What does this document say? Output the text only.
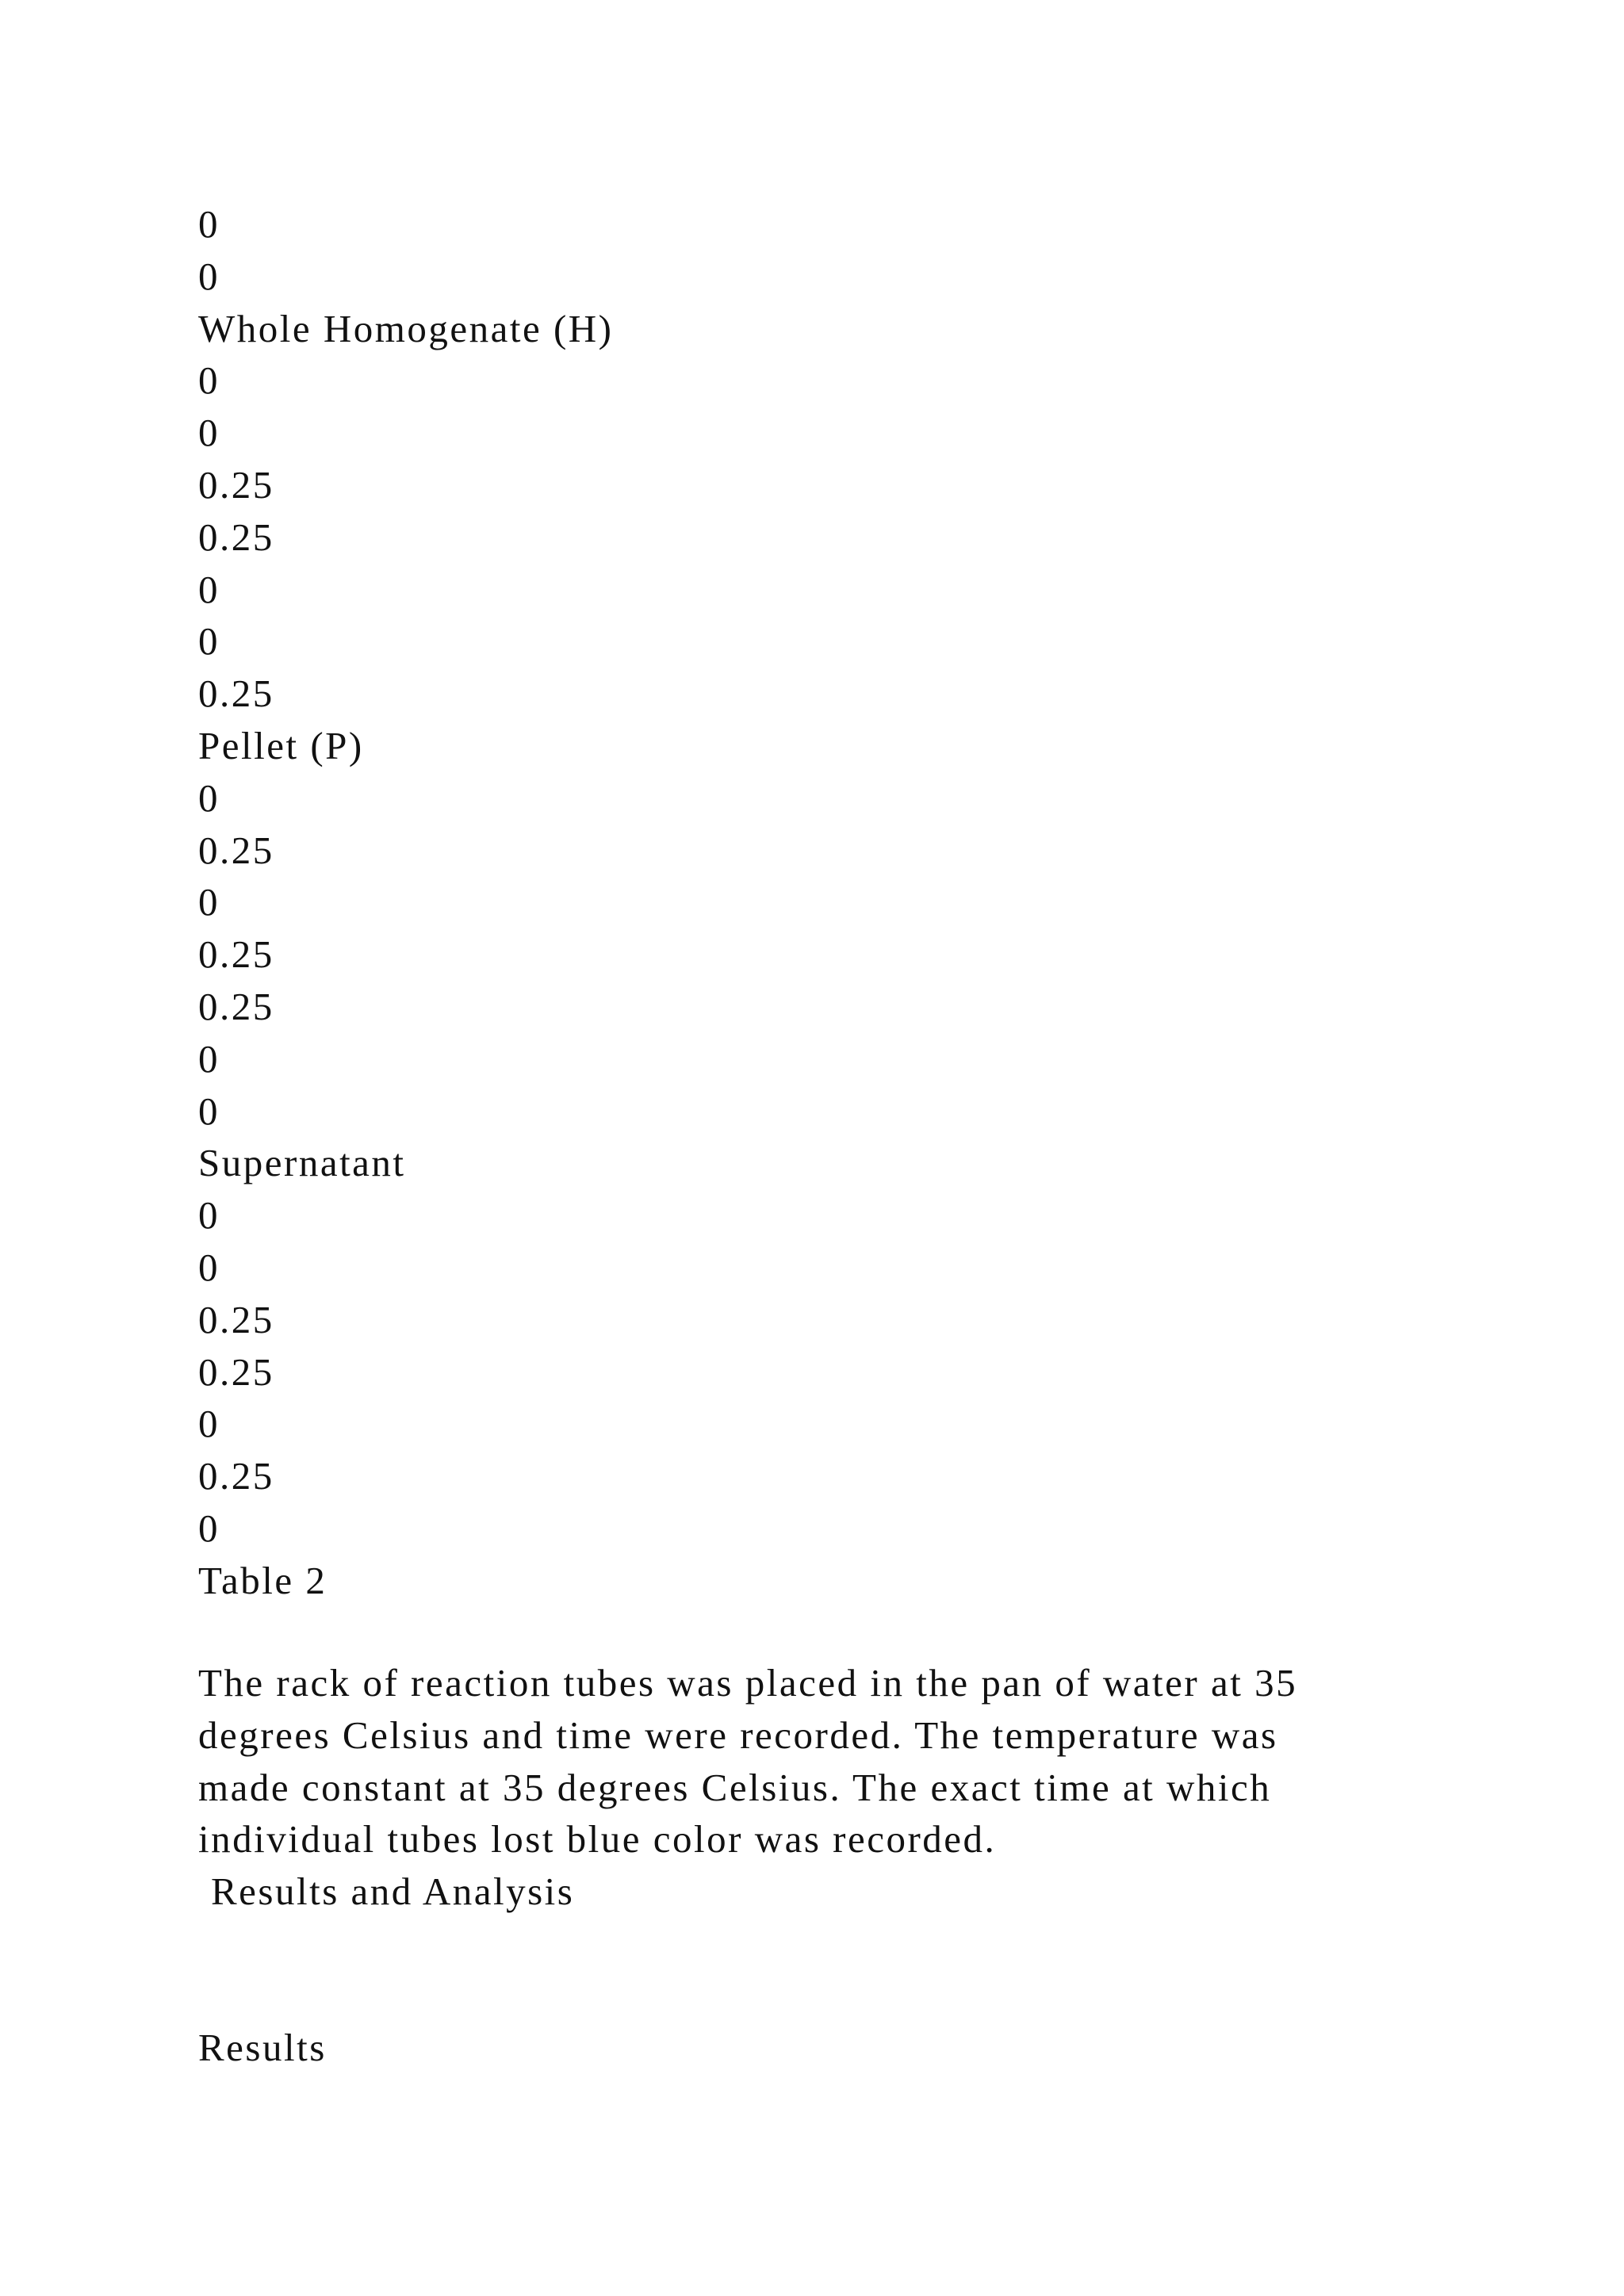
0
0
Whole Homogenate (H)
0
0
0.25
0.25
0
0
0.25
Pellet (P)
0
0.25
0
0.25
0.25
0
0
Supernatant
0
0
0.25
0.25
0
0.25
0
Table 2
The rack of reaction tubes was placed in the pan of water at 35
degrees Celsius and time were recorded. The temperature was
made constant at 35 degrees Celsius. The exact time at which
individual tubes lost blue color was recorded.
Results and Analysis
Results
